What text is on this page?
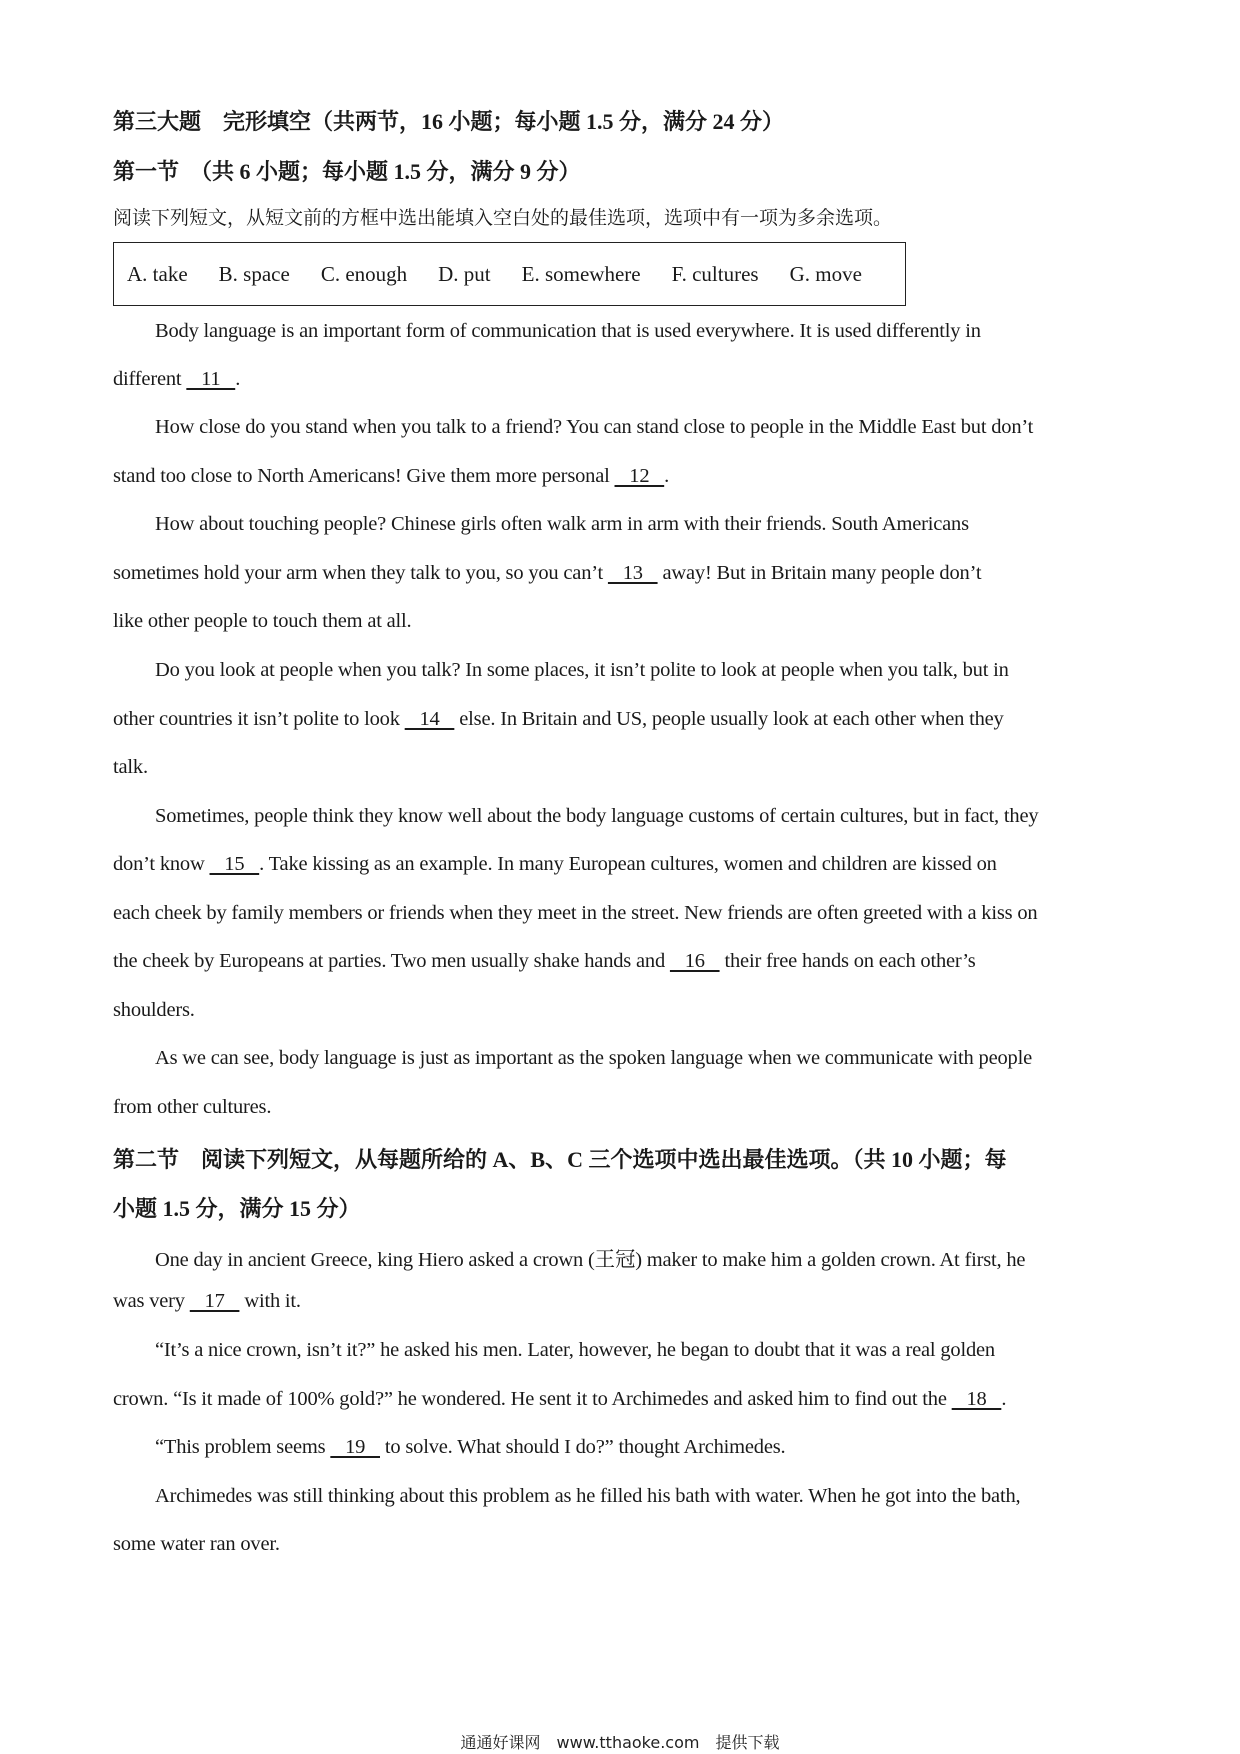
第三大题　完形填空（共两节，16 小题；每小题 1.5 分，满分 24 分）
第一节　（共 6 小题；每小题 1.5 分，满分 9 分）
阅读下列短文，从短文前的方框中选出能填入空白处的最佳选项，选项中有一项为多余选项。
A. take B. space C. enough D. put E. somewhere F. cultures G. move
Body language is an important form of communication that is used everywhere. It is used differently in
different    11   .
How close do you stand when you talk to a friend? You can stand close to people in the Middle East but don’t
stand too close to North Americans! Give them more personal    12   .
How about touching people? Chinese girls often walk arm in arm with their friends. South Americans
sometimes hold your arm when they talk to you, so you can’t    13    away! But in Britain many people don’t
like other people to touch them at all.
Do you look at people when you talk? In some places, it isn’t polite to look at people when you talk, but in
other countries it isn’t polite to look    14    else. In Britain and US, people usually look at each other when they
talk.
Sometimes, people think they know well about the body language customs of certain cultures, but in fact, they
don’t know    15   . Take kissing as an example. In many European cultures, women and children are kissed on
each cheek by family members or friends when they meet in the street. New friends are often greeted with a kiss on
the cheek by Europeans at parties. Two men usually shake hands and    16    their free hands on each other’s
shoulders.
As we can see, body language is just as important as the spoken language when we communicate with people
from other cultures.
第二节　阅读下列短文，从每题所给的 A、B、C 三个选项中选出最佳选项。（共 10 小题；每
小题 1.5 分，满分 15 分）
One day in ancient Greece, king Hiero asked a crown (王冠) maker to make him a golden crown. At first, he
was very    17    with it.
“It’s a nice crown, isn’t it?” he asked his men. Later, however, he began to doubt that it was a real golden
crown. “Is it made of 100% gold?” he wondered. He sent it to Archimedes and asked him to find out the    18   .
“This problem seems    19    to solve. What should I do?” thought Archimedes.
Archimedes was still thinking about this problem as he filled his bath with water. When he got into the bath,
some water ran over.
通通好课网　www.tthaoke.com　提供下载
